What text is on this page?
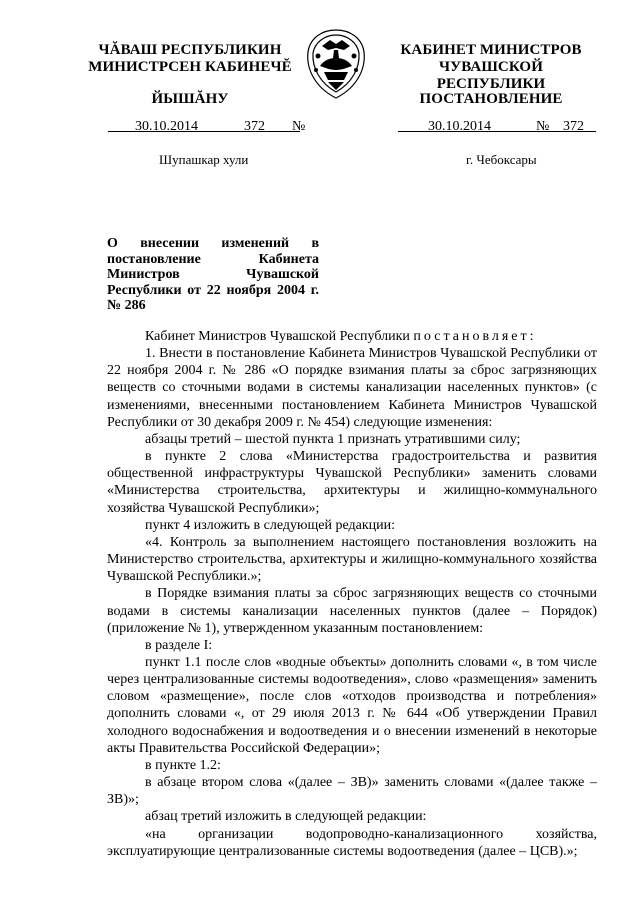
ЧĂВАШ РЕСПУБЛИКИН
МИНИСТРСЕН КАБИНЕЧĔ
ЙЫШĂНУ
КАБИНЕТ МИНИСТРОВ
ЧУВАШСКОЙ РЕСПУБЛИКИ
ПОСТАНОВЛЕНИЕ
30.10.2014	372 №	30.10.2014	№ 372
Шупашкар хули	г. Чебоксары
О внесении изменений в постановление Кабинета Министров Чувашской Республики от 22 ноября 2004 г. № 286

Кабинет Министров Чувашской Республики постановляет:

1. Внести в постановление Кабинета Министров Чувашской Республики от 22 ноября 2004 г. № 286 «О порядке взимания платы за сброс загрязняющих веществ со сточными водами в системы канализации населенных пунктов» (с изменениями, внесенными постановлением Кабинета Министров Чувашской Республики от 30 декабря 2009 г. № 454) следующие изменения:

абзацы третий – шестой пункта 1 признать утратившими силу;

в пункте 2 слова «Министерства градостроительства и развития общественной инфраструктуры Чувашской Республики» заменить словами «Министерства строительства, архитектуры и жилищно-коммунального хозяйства Чувашской Республики»;

пункт 4 изложить в следующей редакции:

«4. Контроль за выполнением настоящего постановления возложить на Министерство строительства, архитектуры и жилищно-коммунального хозяйства Чувашской Республики.»;

в Порядке взимания платы за сброс загрязняющих веществ со сточными водами в системы канализации населенных пунктов (далее – Порядок) (приложение № 1), утвержденном указанным постановлением:

в разделе I:

пункт 1.1 после слов «водные объекты» дополнить словами «, в том числе через централизованные системы водоотведения», слово «размещения» заменить словом «размещение», после слов «отходов производства и потребления» дополнить словами «, от 29 июля 2013 г. № 644 «Об утверждении Правил холодного водоснабжения и водоотведения и о внесении изменений в некоторые акты Правительства Российской Федерации»;

в пункте 1.2:

в абзаце втором слова «(далее – ЗВ)» заменить словами «(далее также – ЗВ)»;

абзац третий изложить в следующей редакции:

«на организации водопроводно-канализационного хозяйства, эксплуатирующие централизованные системы водоотведения (далее – ЦСВ).»;
